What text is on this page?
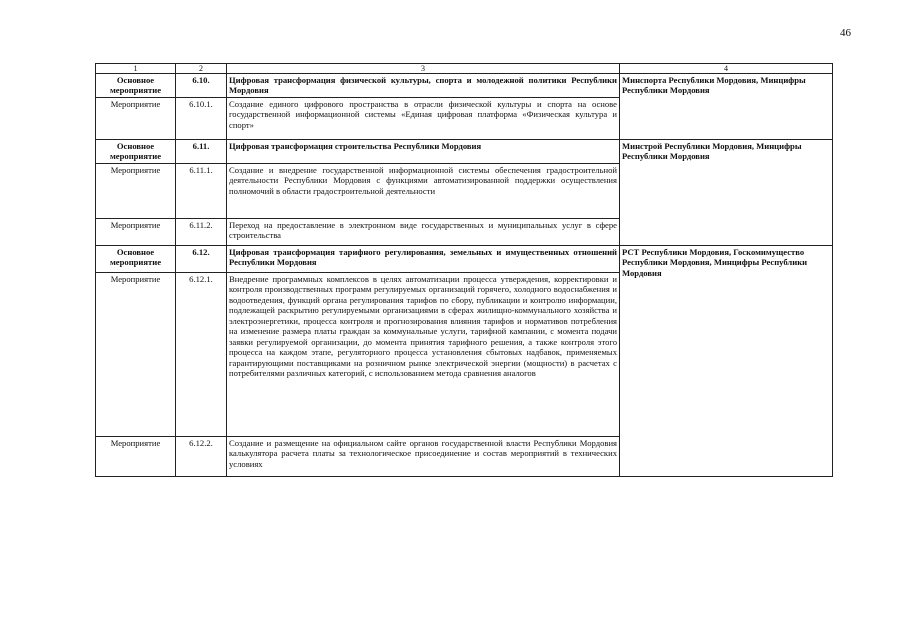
46
1	2	3	4
Основное мероприятие	6.10.	Цифровая трансформация физической культуры, спорта и молодежной политики Республики Мордовия	Минспорта Республики Мордовия, Минцифры Республики Мордовия
Мероприятие	6.10.1.	Создание единого цифрового пространства в отрасли физической культуры и спорта на основе государственной информационной системы «Единая цифровая платформа «Физическая культура и спорт»	
Основное мероприятие	6.11.	Цифровая трансформация строительства Республики Мордовия	Минстрой Республики Мордовия, Минцифры Республики Мордовия
Мероприятие	6.11.1.	Создание и внедрение государственной информационной системы обеспечения градостроительной деятельности Республики Мордовия с функциями автоматизированной поддержки осуществления полномочий в области градостроительной деятельности	
Мероприятие	6.11.2.	Переход на предоставление в электронном виде государственных и муниципальных услуг в сфере строительства	
Основное мероприятие	6.12.	Цифровая трансформация тарифного регулирования, земельных и имущественных отношений Республики Мордовия	РСТ Республики Мордовия, Госкомимущество Республики Мордовия, Минцифры Республики Мордовия
Мероприятие	6.12.1.	Внедрение программных комплексов в целях автоматизации процесса утверждения, корректировки и контроля производственных программ регулируемых организаций горячего, холодного водоснабжения и водоотведения, функций органа регулирования тарифов по сбору, публикации и контролю информации, подлежащей раскрытию регулируемыми организациями в сферах жилищно-коммунального хозяйства и электроэнергетики, процесса контроля и прогнозирования влияния тарифов и нормативов потребления на изменение размера платы граждан за коммунальные услуги, тарифной кампании, с момента подачи заявки регулируемой организации, до момента принятия тарифного решения, а также контроля этого процесса на каждом этапе, регуляторного процесса установления сбытовых надбавок, применяемых гарантирующими поставщиками на розничном рынке электрической энергии (мощности) в расчетах с потребителями различных категорий, с использованием метода сравнения аналогов	
Мероприятие	6.12.2.	Создание и размещение на официальном сайте органов государственной власти Республики Мордовия калькулятора расчета платы за технологическое присоединение и состав мероприятий в технических условиях	
